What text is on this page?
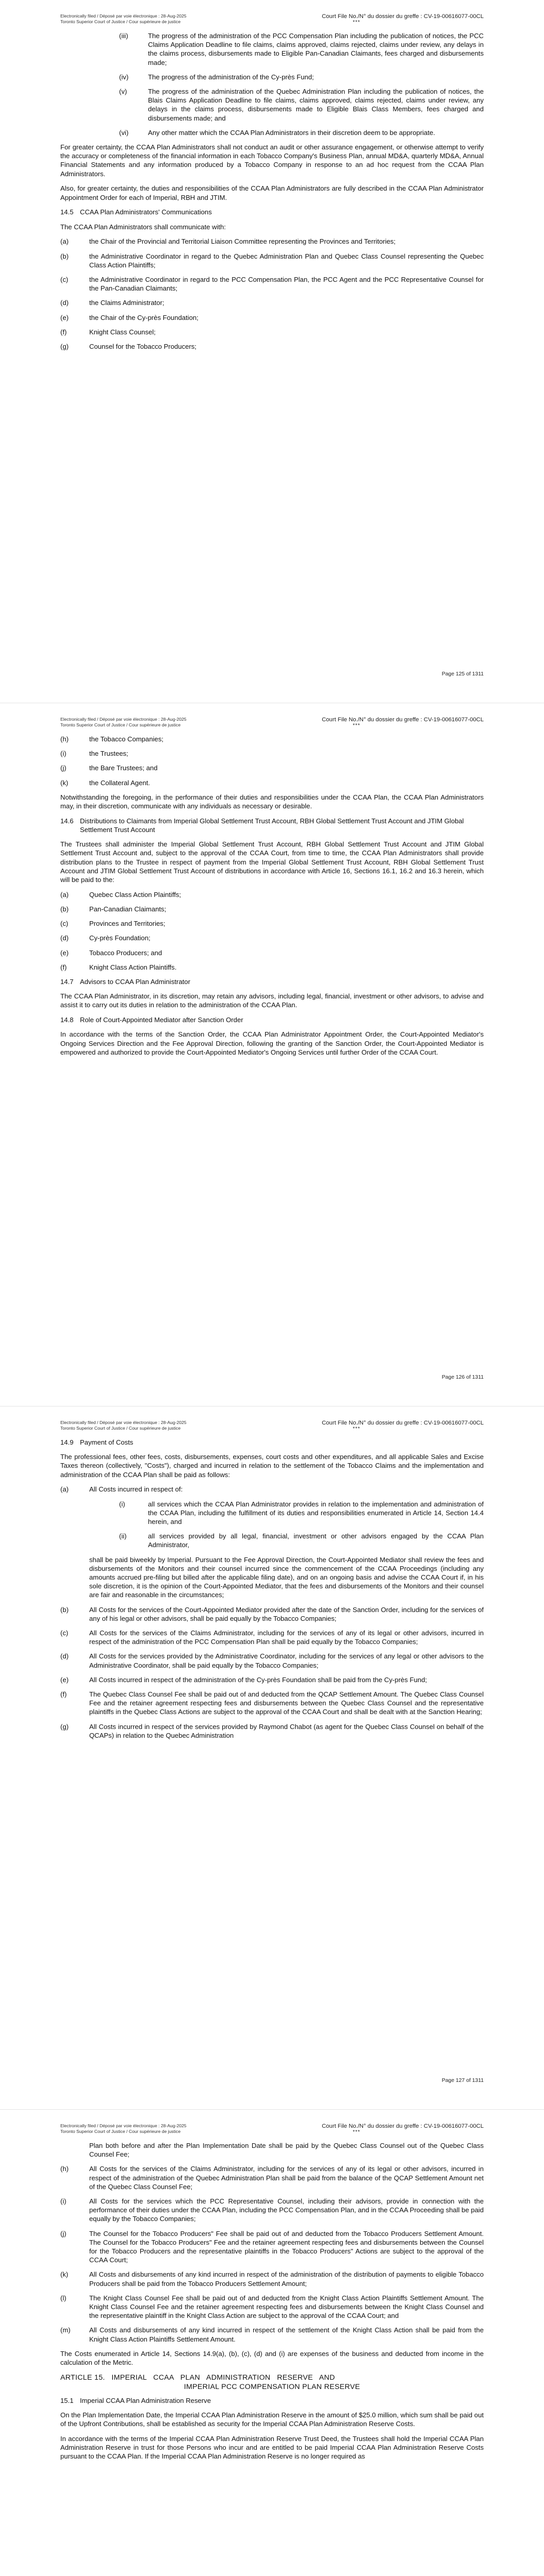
Electronically filed / Déposé par voie électronique : 28-Aug-2025
Toronto Superior Court of Justice / Cour supérieure de justice
Court File No./N° du dossier du greffe : CV-19-00616077-00CL
***
(iii)	The progress of the administration of the PCC Compensation Plan including the publication of notices, the PCC Claims Application Deadline to file claims, claims approved, claims rejected, claims under review, any delays in the claims process, disbursements made to Eligible Pan-Canadian Claimants, fees charged and disbursements made;
(iv)	The progress of the administration of the Cy-près Fund;
(v)	The progress of the administration of the Quebec Administration Plan including the publication of notices, the Blais Claims Application Deadline to file claims, claims approved, claims rejected, claims under review, any delays in the claims process, disbursements made to Eligible Blais Class Members, fees charged and disbursements made; and
(vi)	Any other matter which the CCAA Plan Administrators in their discretion deem to be appropriate.

For greater certainty, the CCAA Plan Administrators shall not conduct an audit or other assurance engagement, or otherwise attempt to verify the accuracy or completeness of the financial information in each Tobacco Company's Business Plan, annual MD&A, quarterly MD&A, Annual Financial Statements and any information produced by a Tobacco Company in response to an ad hoc request from the CCAA Plan Administrators.

Also, for greater certainty, the duties and responsibilities of the CCAA Plan Administrators are fully described in the CCAA Plan Administrator Appointment Order for each of Imperial, RBH and JTIM.

14.5 CCAA Plan Administrators' Communications

The CCAA Plan Administrators shall communicate with:

(a)	the Chair of the Provincial and Territorial Liaison Committee representing the Provinces and Territories;
(b)	the Administrative Coordinator in regard to the Quebec Administration Plan and Quebec Class Counsel representing the Quebec Class Action Plaintiffs;
(c)	the Administrative Coordinator in regard to the PCC Compensation Plan, the PCC Agent and the PCC Representative Counsel for the Pan-Canadian Claimants;
(d)	the Claims Administrator;
(e)	the Chair of the Cy-près Foundation;
(f)	Knight Class Counsel;
(g)	Counsel for the Tobacco Producers;
Page 125 of 1311
Electronically filed / Déposé par voie électronique : 28-Aug-2025
Toronto Superior Court of Justice / Cour supérieure de justice
Court File No./N° du dossier du greffe : CV-19-00616077-00CL
***
(h)	the Tobacco Companies;
(i)	the Trustees;
(j)	the Bare Trustees; and
(k)	the Collateral Agent.

Notwithstanding the foregoing, in the performance of their duties and responsibilities under the CCAA Plan, the CCAA Plan Administrators may, in their discretion, communicate with any individuals as necessary or desirable.

14.6 Distributions to Claimants from Imperial Global Settlement Trust Account, RBH Global Settlement Trust Account and JTIM Global Settlement Trust Account

The Trustees shall administer the Imperial Global Settlement Trust Account, RBH Global Settlement Trust Account and JTIM Global Settlement Trust Account and, subject to the approval of the CCAA Court, from time to time, the CCAA Plan Administrators shall provide distribution plans to the Trustee in respect of payment from the Imperial Global Settlement Trust Account, RBH Global Settlement Trust Account and JTIM Global Settlement Trust Account of distributions in accordance with Article 16, Sections 16.1, 16.2 and 16.3 herein, which will be paid to the:

(a)	Quebec Class Action Plaintiffs;
(b)	Pan-Canadian Claimants;
(c)	Provinces and Territories;
(d)	Cy-près Foundation;
(e)	Tobacco Producers; and
(f)	Knight Class Action Plaintiffs.
14.7 Advisors to CCAA Plan Administrator

The CCAA Plan Administrator, in its discretion, may retain any advisors, including legal, financial, investment or other advisors, to advise and assist it to carry out its duties in relation to the administration of the CCAA Plan.

14.8 Role of Court-Appointed Mediator after Sanction Order

In accordance with the terms of the Sanction Order, the CCAA Plan Administrator Appointment Order, the Court-Appointed Mediator's Ongoing Services Direction and the Fee Approval Direction, following the granting of the Sanction Order, the Court-Appointed Mediator is empowered and authorized to provide the Court-Appointed Mediator's Ongoing Services until further Order of the CCAA Court.

Page 126 of 1311
Electronically filed / Déposé par voie électronique : 28-Aug-2025
Toronto Superior Court of Justice / Cour supérieure de justice
Court File No./N° du dossier du greffe : CV-19-00616077-00CL
***
14.9 Payment of Costs

The professional fees, other fees, costs, disbursements, expenses, court costs and other expenditures, and all applicable Sales and Excise Taxes thereon (collectively, "Costs"), charged and incurred in relation to the settlement of the Tobacco Claims and the implementation and administration of the CCAA Plan shall be paid as follows:

(a)	All Costs incurred in respect of:
(i)	all services which the CCAA Plan Administrator provides in relation to the implementation and administration of the CCAA Plan, including the fulfillment of its duties and responsibilities enumerated in Article 14, Section 14.4 herein, and
(ii)	all services provided by all legal, financial, investment or other advisors engaged by the CCAA Plan Administrator,

shall be paid biweekly by Imperial. Pursuant to the Fee Approval Direction, the Court-Appointed Mediator shall review the fees and disbursements of the Monitors and their counsel incurred since the commencement of the CCAA Proceedings (including any amounts accrued pre-filing but billed after the applicable filing date), and on an ongoing basis and advise the CCAA Court if, in his sole discretion, it is the opinion of the Court-Appointed Mediator, that the fees and disbursements of the Monitors and their counsel are fair and reasonable in the circumstances;

(b)	All Costs for the services of the Court-Appointed Mediator provided after the date of the Sanction Order, including for the services of any of his legal or other advisors, shall be paid equally by the Tobacco Companies;
(c)	All Costs for the services of the Claims Administrator, including for the services of any of its legal or other advisors, incurred in respect of the administration of the PCC Compensation Plan shall be paid equally by the Tobacco Companies;
(d)	All Costs for the services provided by the Administrative Coordinator, including for the services of any legal or other advisors to the Administrative Coordinator, shall be paid equally by the Tobacco Companies;
(e)	All Costs incurred in respect of the administration of the Cy-près Foundation shall be paid from the Cy-près Fund;
(f)	The Quebec Class Counsel Fee shall be paid out of and deducted from the QCAP Settlement Amount. The Quebec Class Counsel Fee and the retainer agreement respecting fees and disbursements between the Quebec Class Counsel and the representative plaintiffs in the Quebec Class Actions are subject to the approval of the CCAA Court and shall be dealt with at the Sanction Hearing;
(g)	All Costs incurred in respect of the services provided by Raymond Chabot (as agent for the Quebec Class Counsel on behalf of the QCAPs) in relation to the Quebec Administration
Page 127 of 1311
Electronically filed / Déposé par voie électronique : 28-Aug-2025
Toronto Superior Court of Justice / Cour supérieure de justice
Court File No./N° du dossier du greffe : CV-19-00616077-00CL
***

Plan both before and after the Plan Implementation Date shall be paid by the Quebec Class Counsel out of the Quebec Class Counsel Fee;

(h)	All Costs for the services of the Claims Administrator, including for the services of any of its legal or other advisors, incurred in respect of the administration of the Quebec Administration Plan shall be paid from the balance of the QCAP Settlement Amount net of the Quebec Class Counsel Fee;
(i)	All Costs for the services which the PCC Representative Counsel, including their advisors, provide in connection with the performance of their duties under the CCAA Plan, including the PCC Compensation Plan, and in the CCAA Proceeding shall be paid equally by the Tobacco Companies;
(j)	The Counsel for the Tobacco Producers" Fee shall be paid out of and deducted from the Tobacco Producers Settlement Amount. The Counsel for the Tobacco Producers" Fee and the retainer agreement respecting fees and disbursements between the Counsel for the Tobacco Producers and the representative plaintiffs in the Tobacco Producers" Actions are subject to the approval of the CCAA Court;
(k)	All Costs and disbursements of any kind incurred in respect of the administration of the distribution of payments to eligible Tobacco Producers shall be paid from the Tobacco Producers Settlement Amount;
(l)	The Knight Class Counsel Fee shall be paid out of and deducted from the Knight Class Action Plaintiffs Settlement Amount. The Knight Class Counsel Fee and the retainer agreement respecting fees and disbursements between the Knight Class Counsel and the representative plaintiff in the Knight Class Action are subject to the approval of the CCAA Court; and
(m)	All Costs and disbursements of any kind incurred in respect of the settlement of the Knight Class Action shall be paid from the Knight Class Action Plaintiffs Settlement Amount.

The Costs enumerated in Article 14, Sections 14.9(a), (b), (c), (d) and (i) are expenses of the business and deducted from income in the calculation of the Metric.

ARTICLE 15.   IMPERIAL   CCAA   PLAN   ADMINISTRATION   RESERVE   AND
IMPERIAL PCC COMPENSATION PLAN RESERVE
15.1 Imperial CCAA Plan Administration Reserve

On the Plan Implementation Date, the Imperial CCAA Plan Administration Reserve in the amount of $25.0 million, which sum shall be paid out of the Upfront Contributions, shall be established as security for the Imperial CCAA Plan Administration Reserve Costs.

In accordance with the terms of the Imperial CCAA Plan Administration Reserve Trust Deed, the Trustees shall hold the Imperial CCAA Plan Administration Reserve in trust for those Persons who incur and are entitled to be paid Imperial CCAA Plan Administration Reserve Costs pursuant to the CCAA Plan. If the Imperial CCAA Plan Administration Reserve is no longer required as
